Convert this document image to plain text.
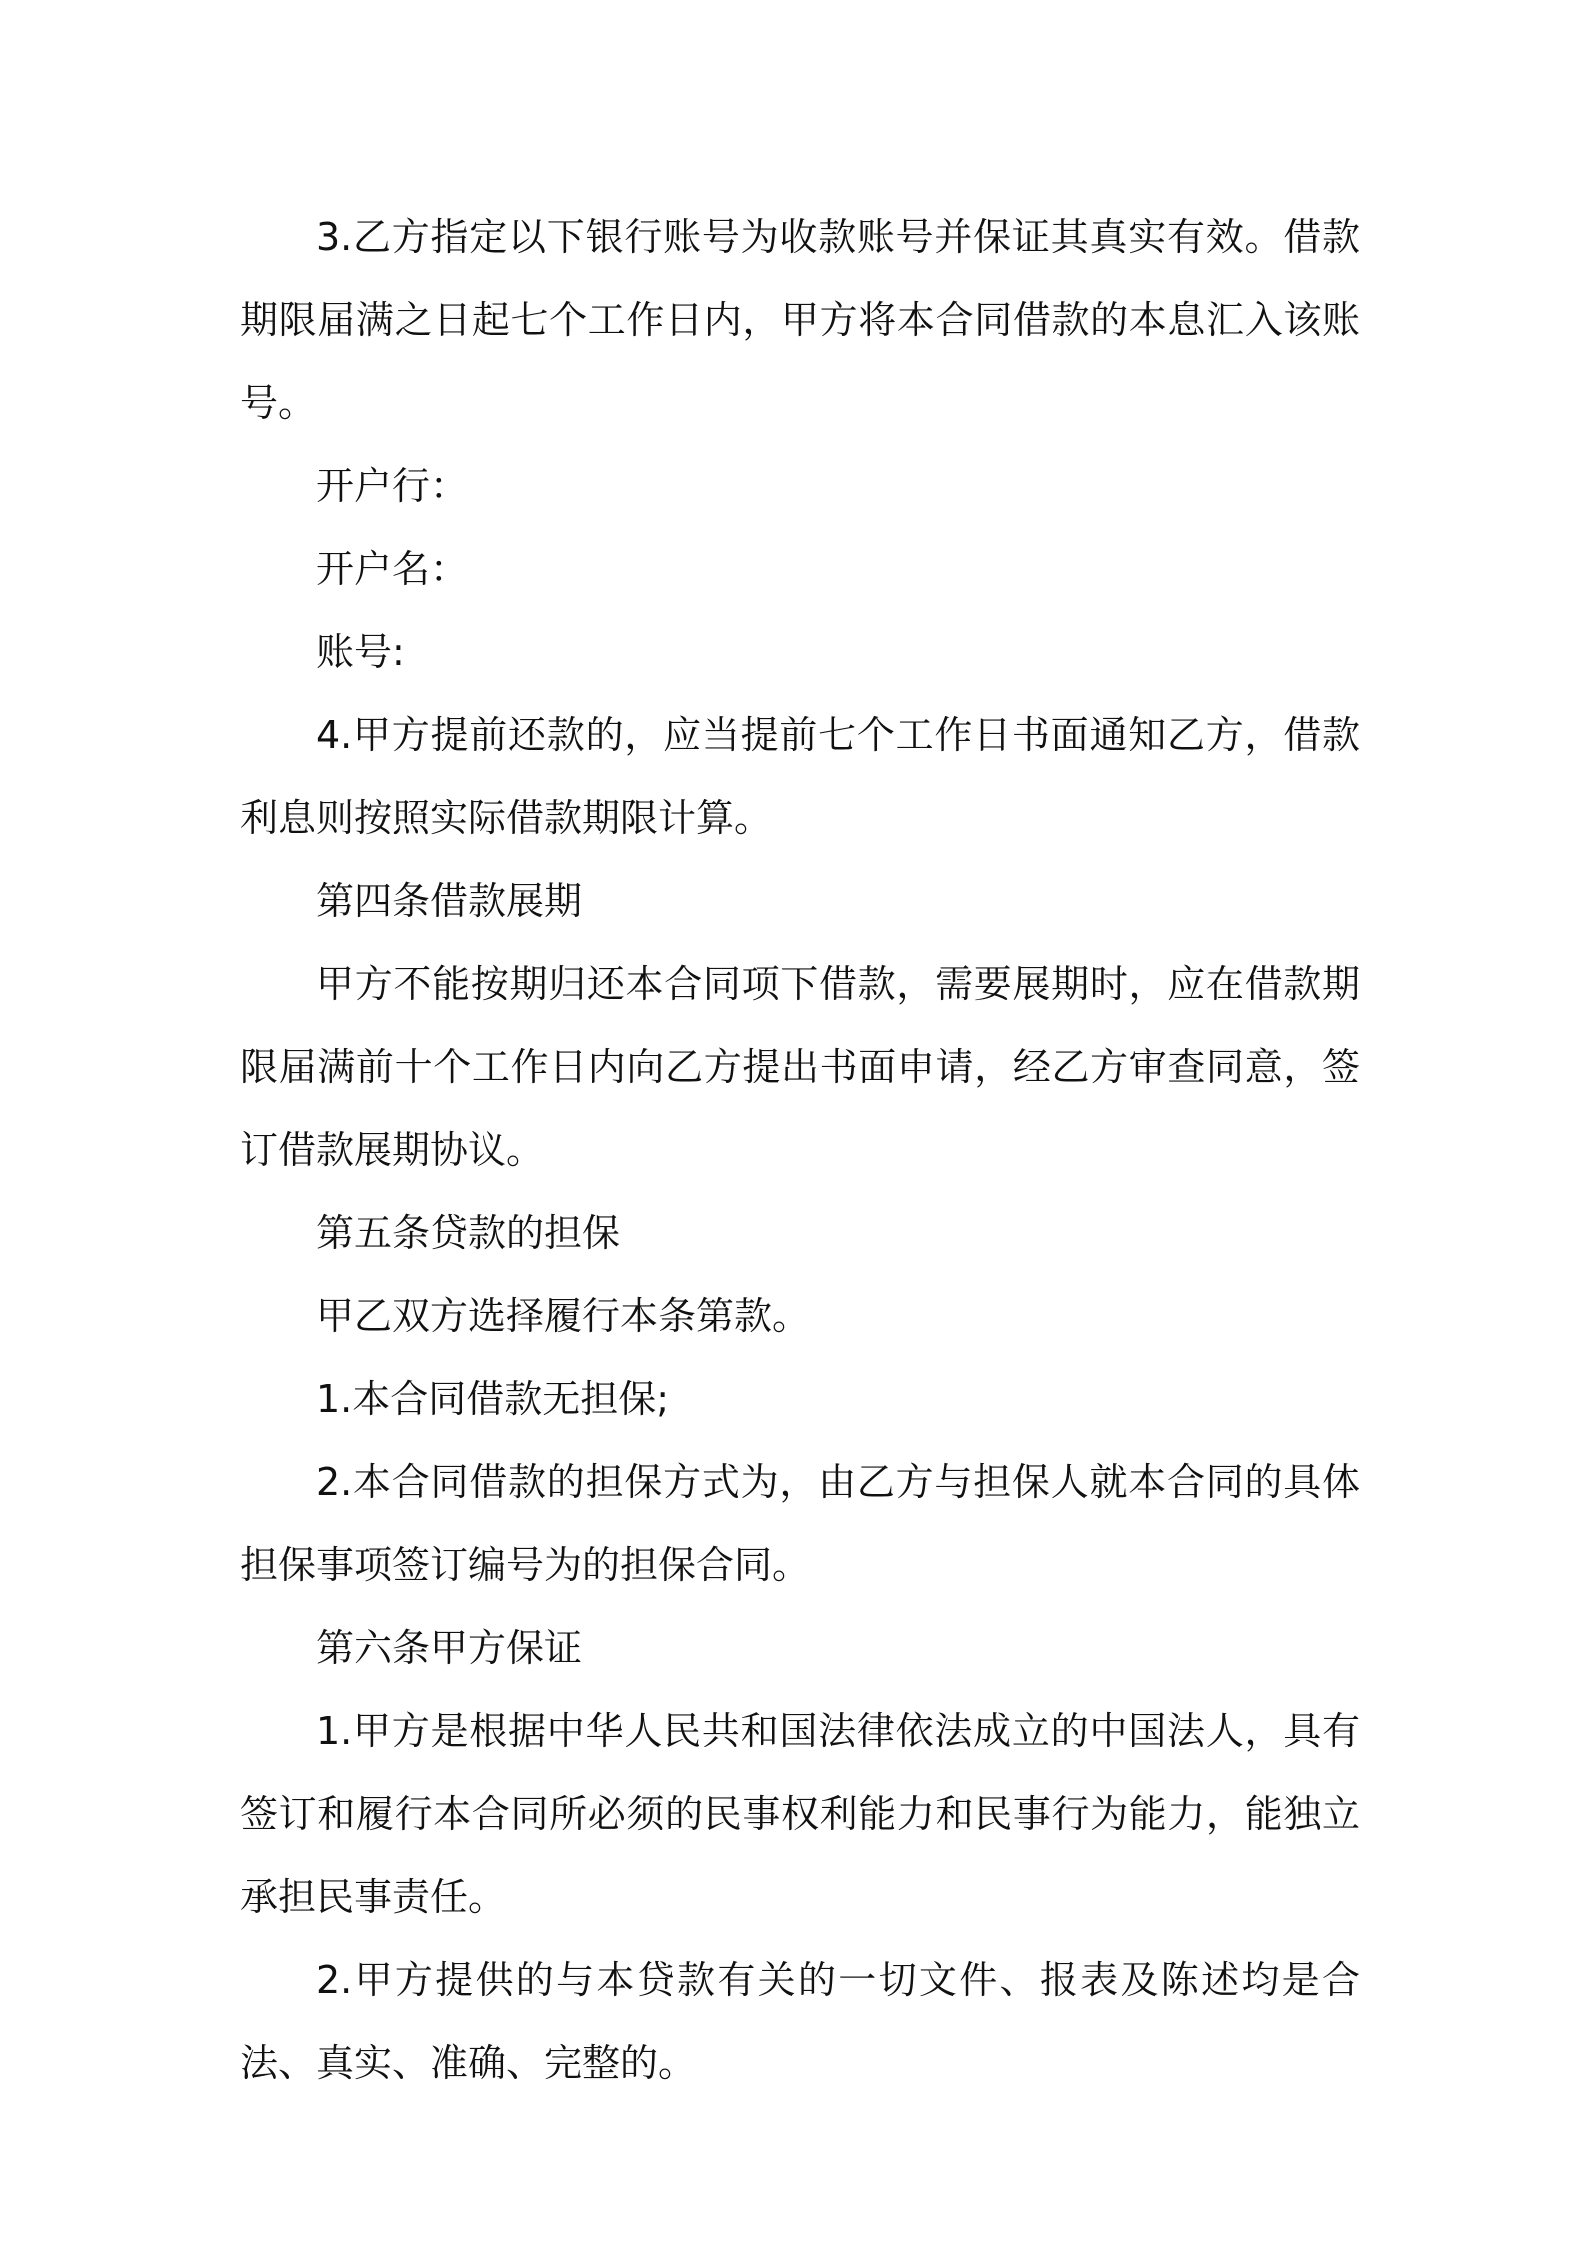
3.乙方指定以下银行账号为收款账号并保证其真实有效。借款期限届满之日起七个工作日内，甲方将本合同借款的本息汇入该账号。

开户行：

开户名：

账号:

4.甲方提前还款的，应当提前七个工作日书面通知乙方，借款利息则按照实际借款期限计算。

第四条借款展期

甲方不能按期归还本合同项下借款，需要展期时，应在借款期限届满前十个工作日内向乙方提出书面申请，经乙方审查同意，签订借款展期协议。

第五条贷款的担保

甲乙双方选择履行本条第款。

1.本合同借款无担保;

2.本合同借款的担保方式为，由乙方与担保人就本合同的具体担保事项签订编号为的担保合同。

第六条甲方保证

1.甲方是根据中华人民共和国法律依法成立的中国法人，具有签订和履行本合同所必须的民事权利能力和民事行为能力，能独立承担民事责任。

2.甲方提供的与本贷款有关的一切文件、报表及陈述均是合法、真实、准确、完整的。
